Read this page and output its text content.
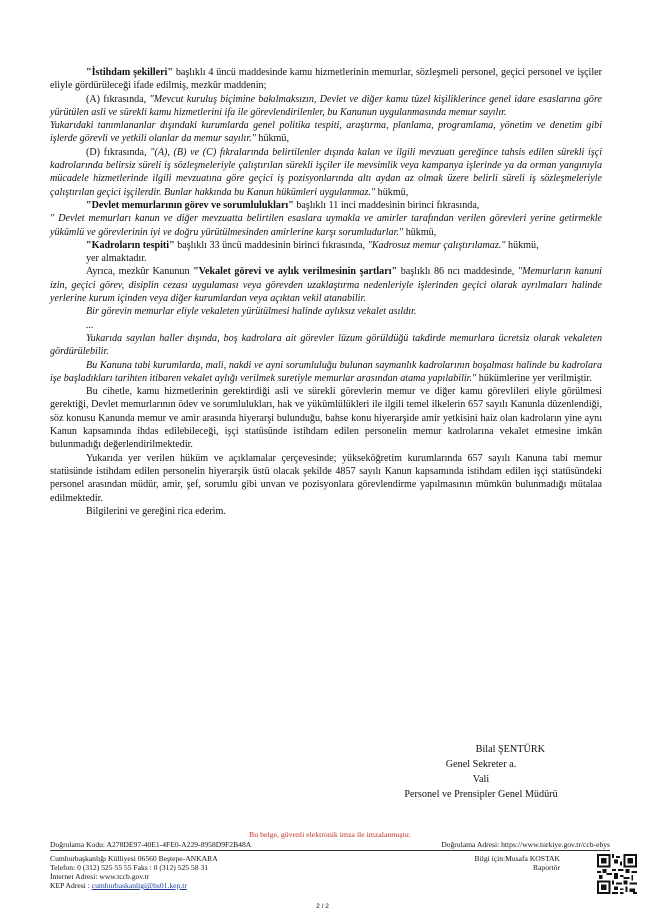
"İstihdam şekilleri" başlıklı 4 üncü maddesinde kamu hizmetlerinin memurlar, sözleşmeli personel, geçici personel ve işçiler eliyle gördürüleceği ifade edilmiş, mezkûr maddenin;

(A) fıkrasında, "Mevcut kuruluş biçimine bakılmaksızın, Devlet ve diğer kamu tüzel kişiliklerince genel idare esaslarına göre yürütülen asli ve sürekli kamu hizmetlerini ifa ile görevlendirilenler, bu Kanunun uygulanmasında memur sayılır.

Yukarıdaki tanımlananlar dışındaki kurumlarda genel politika tespiti, araştırma, planlama, programlama, yönetim ve denetim gibi işlerde görevli ve yetkili olanlar da memur sayılır." hükmü,

(D) fıkrasında, "(A), (B) ve (C) fıkralarında belirtilenler dışında kalan ve ilgili mevzuatı gereğince tahsis edilen sürekli işçi kadrolarında belirsiz süreli iş sözleşmeleriyle çalıştırılan sürekli işçiler ile mevsimlik veya kampanya işlerinde ya da orman yangınıyla mücadele hizmetlerinde ilgili mevzuatına göre geçici iş pozisyonlarında altı aydan az olmak üzere belirli süreli iş sözleşmeleriyle çalıştırılan geçici işçilerdir. Bunlar hakkında bu Kanun hükümleri uygulanmaz." hükmü,

"Devlet memurlarının görev ve sorumlulukları" başlıklı 11 inci maddesinin birinci fıkrasında,

" Devlet memurları kanun ve diğer mevzuatta belirtilen esaslara uymakla ve amirler tarafından verilen görevleri yerine getirmekle yükümlü ve görevlerinin iyi ve doğru yürütülmesinden amirlerine karşı sorumludurlar." hükmü,

"Kadroların tespiti" başlıklı 33 üncü maddesinin birinci fıkrasında, "Kadrosuz memur çalıştırılamaz." hükmü,

yer almaktadır.

Ayrıca, mezkûr Kanunun "Vekalet görevi ve aylık verilmesinin şartları" başlıklı 86 ncı maddesinde, "Memurların kanuni izin, geçici görev, disiplin cezası uygulaması veya görevden uzaklaştırma nedenleriyle işlerinden geçici olarak ayrılmaları halinde yerlerine kurum içinden veya diğer kurumlardan veya açıktan vekil atanabilir.

Bir görevin memurlar eliyle vekaleten yürütülmesi halinde aylıksız vekalet asıldır.

...

Yukarıda sayılan haller dışında, boş kadrolara ait görevler lüzum görüldüğü takdirde memurlara ücretsiz olarak vekaleten gördürülebilir.

Bu Kanuna tabi kurumlarda, mali, nakdi ve ayni sorumluluğu bulunan saymanlık kadrolarının boşalması halinde bu kadrolara işe başladıkları tarihten itibaren vekalet aylığı verilmek suretiyle memurlar arasından atama yapılabilir." hükümlerine yer verilmiştir.

Bu cihetle, kamu hizmetlerinin gerektirdiği asli ve sürekli görevlerin memur ve diğer kamu görevlileri eliyle görülmesi gerektiği, Devlet memurlarının ödev ve sorumlulukları, hak ve yükümlülükleri ile ilgili temel ilkelerin 657 sayılı Kanunla düzenlendiği, söz konusu Kanunda memur ve amir arasında hiyerarşi bulunduğu, bahse konu hiyerarşide amir yetkisini haiz olan kadroların yine aynı Kanun kapsamında ihdas edilebileceği, işçi statüsünde istihdam edilen personelin memur kadrolarına vekalet etmesine imkân bulunmadığı değerlendirilmektedir.

Yukarıda yer verilen hüküm ve açıklamalar çerçevesinde; yükseköğretim kurumlarında 657 sayılı Kanuna tabi memur statüsünde istihdam edilen personelin hiyerarşik üstü olacak şekilde 4857 sayılı Kanun kapsamında istihdam edilen işçi statüsündeki personel arasından müdür, amir, şef, sorumlu gibi unvan ve pozisyonlara görevlendirme yapılmasının mümkün bulunmadığı mütalaa edilmektedir.

Bilgilerini ve gereğini rica ederim.

Bilal ŞENTÜRK
Genel Sekreter a.
Vali
Personel ve Prensipler Genel Müdürü
Bu belge, güvenli elektronik imza ile imzalanmıştır.
Doğrulama Kodu: A278DE97-40E1-4FE0-A229-8958D9F2B48A	Doğrulama Adresi: https://www.turkiye.gov.tr/ccb-ebys
Cumhurbaşkanlığı Külliyesi 06560 Beştepe-ANKARA
Telefon: 0 (312) 525 55 55 Faks : 0 (312) 525 58 31
İnternet Adresi: www.tccb.gov.tr
KEP Adresi : cumhurbaskanligi@hs01.kep.tr
Bilgi için:Musafa KOSTAK
Raportör
2 / 2
